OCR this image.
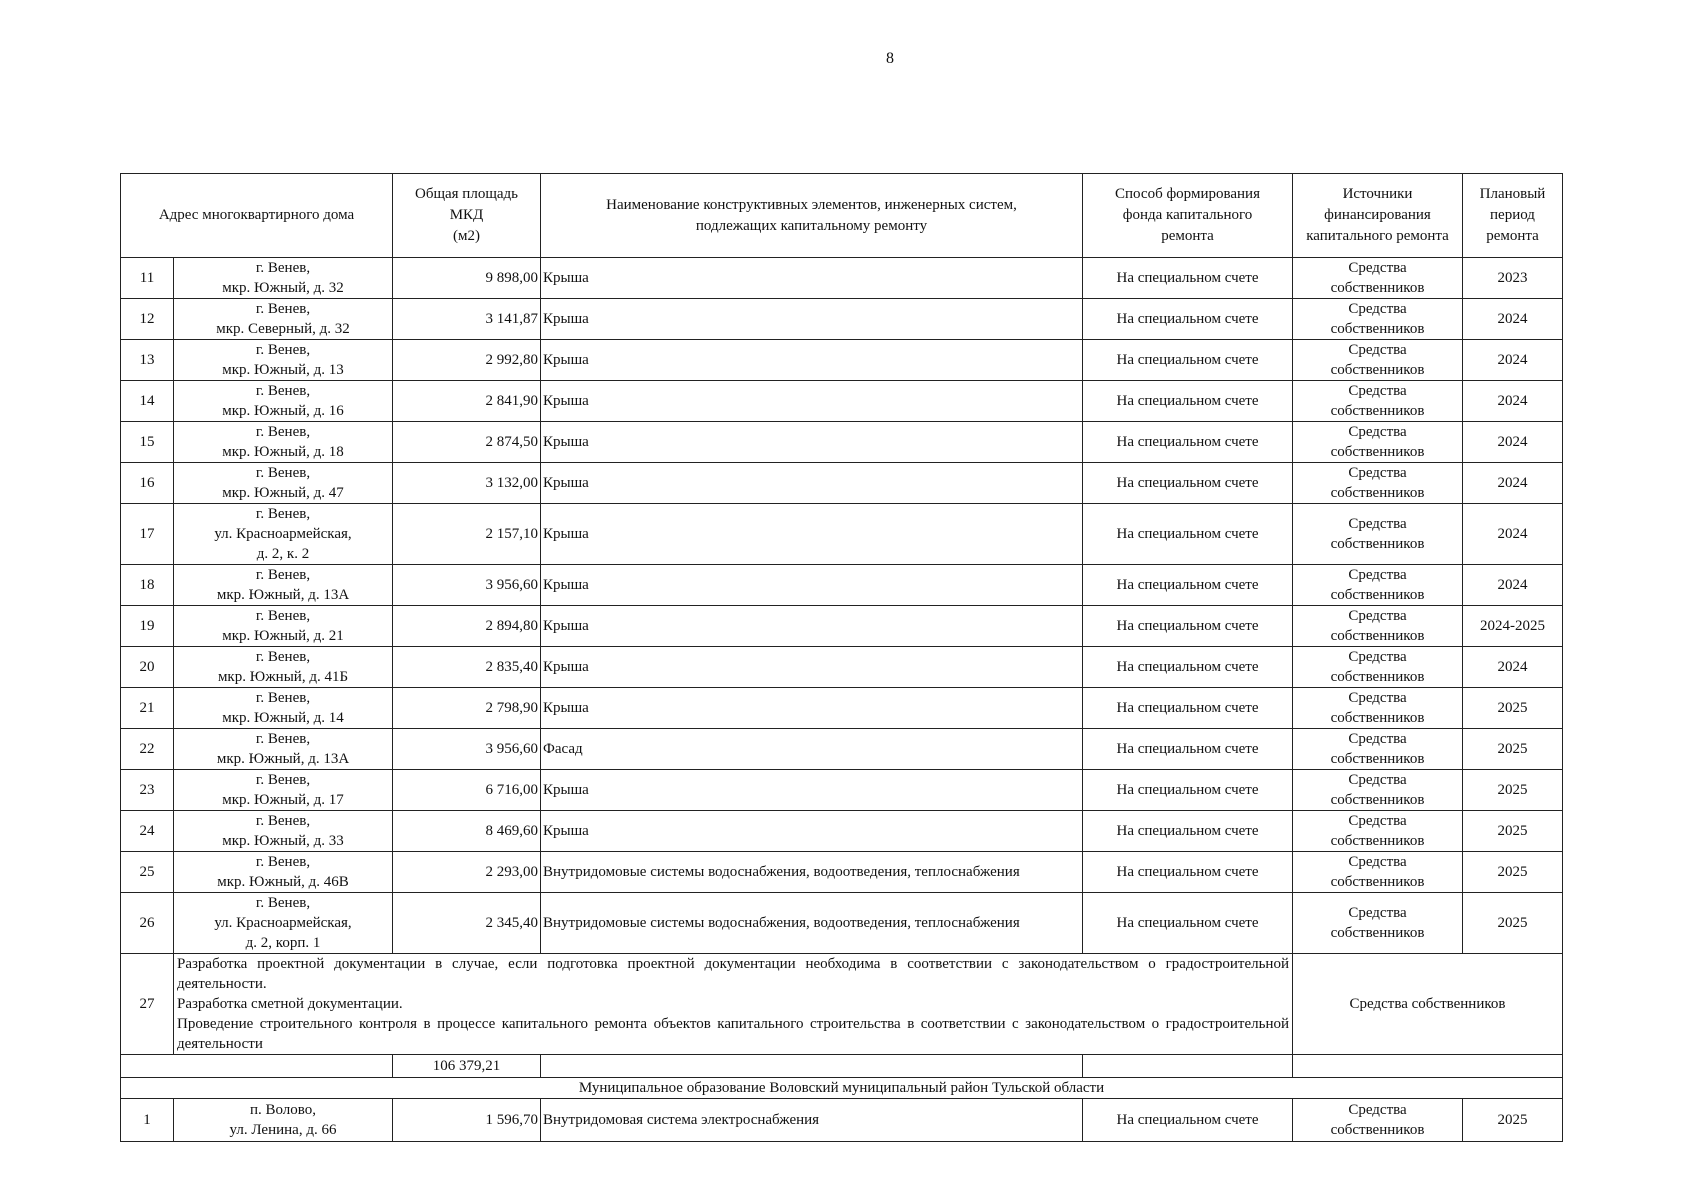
8
Адрес многоквартирного дома		Общая площадь
МКД
(м2)	Наименование конструктивных элементов, инженерных систем,
подлежащих капитальному ремонту	Способ формирования
фонда капитального
ремонта	Источники
финансирования
капитального ремонта	Плановый
период
ремонта
11	г. Венев,
мкр. Южный, д. 32	9 898,00	Крыша	На специальном счете	Средства
собственников	2023
12	г. Венев,
мкр. Северный, д. 32	3 141,87	Крыша	На специальном счете	Средства
собственников	2024
13	г. Венев,
мкр. Южный, д. 13	2 992,80	Крыша	На специальном счете	Средства
собственников	2024
14	г. Венев,
мкр. Южный, д. 16	2 841,90	Крыша	На специальном счете	Средства
собственников	2024
15	г. Венев,
мкр. Южный, д. 18	2 874,50	Крыша	На специальном счете	Средства
собственников	2024
16	г. Венев,
мкр. Южный, д. 47	3 132,00	Крыша	На специальном счете	Средства
собственников	2024
17	г. Венев,
ул. Красноармейская,
д. 2, к. 2	2 157,10	Крыша	На специальном счете	Средства
собственников	2024
18	г. Венев,
мкр. Южный, д. 13А	3 956,60	Крыша	На специальном счете	Средства
собственников	2024
19	г. Венев,
мкр. Южный, д. 21	2 894,80	Крыша	На специальном счете	Средства
собственников	2024-2025
20	г. Венев,
мкр. Южный, д. 41Б	2 835,40	Крыша	На специальном счете	Средства
собственников	2024
21	г. Венев,
мкр. Южный, д. 14	2 798,90	Крыша	На специальном счете	Средства
собственников	2025
22	г. Венев,
мкр. Южный, д. 13А	3 956,60	Фасад	На специальном счете	Средства
собственников	2025
23	г. Венев,
мкр. Южный, д. 17	6 716,00	Крыша	На специальном счете	Средства
собственников	2025
24	г. Венев,
мкр. Южный, д. 33	8 469,60	Крыша	На специальном счете	Средства
собственников	2025
25	г. Венев,
мкр. Южный, д. 46В	2 293,00	Внутридомовые системы водоснабжения, водоотведения, теплоснабжения	На специальном счете	Средства
собственников	2025
26	г. Венев,
ул. Красноармейская,
д. 2, корп. 1	2 345,40	Внутридомовые системы водоснабжения, водоотведения, теплоснабжения	На специальном счете	Средства
собственников	2025
27	Разработка проектной документации в случае, если подготовка проектной документации необходима в соответствии с законодательством о градостроительной деятельности.
Разработка сметной документации.
Проведение строительного контроля в процессе капитального ремонта объектов капитального строительства в соответствии с законодательством о градостроительной деятельности				Средства собственников	
		106 379,21				
Муниципальное образование Воловский муниципальный район Тульской области						
1	п. Волово,
ул. Ленина, д. 66	1 596,70	Внутридомовая система электроснабжения	На специальном счете	Средства
собственников	2025
